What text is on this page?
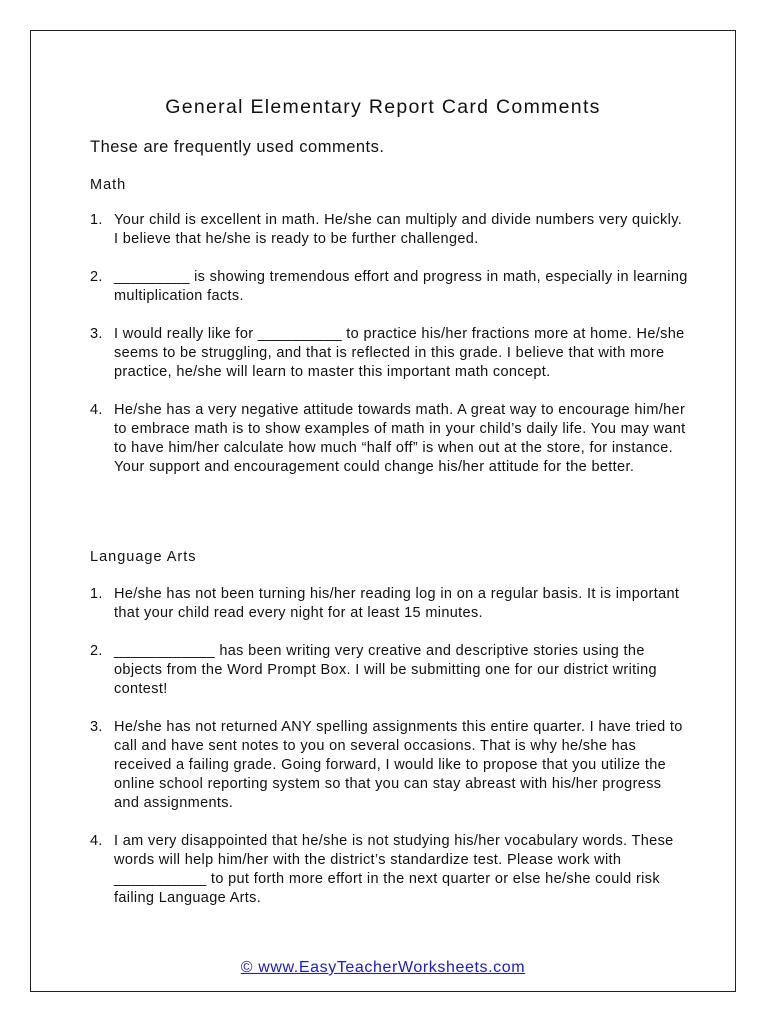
General Elementary Report Card Comments

These are frequently used comments.

Math
1. Your child is excellent in math. He/she can multiply and divide numbers very quickly. I believe that he/she is ready to be further challenged.
2. _________ is showing tremendous effort and progress in math, especially in learning multiplication facts.
3. I would really like for __________ to practice his/her fractions more at home. He/she seems to be struggling, and that is reflected in this grade. I believe that with more practice, he/she will learn to master this important math concept.
4. He/she has a very negative attitude towards math. A great way to encourage him/her to embrace math is to show examples of math in your child’s daily life. You may want to have him/her calculate how much “half off” is when out at the store, for instance. Your support and encouragement could change his/her attitude for the better.
Language Arts
1. He/she has not been turning his/her reading log in on a regular basis. It is important that your child read every night for at least 15 minutes.
2. ____________ has been writing very creative and descriptive stories using the objects from the Word Prompt Box. I will be submitting one for our district writing contest!
3. He/she has not returned ANY spelling assignments this entire quarter. I have tried to call and have sent notes to you on several occasions. That is why he/she has received a failing grade. Going forward, I would like to propose that you utilize the online school reporting system so that you can stay abreast with his/her progress and assignments.
4. I am very disappointed that he/she is not studying his/her vocabulary words. These words will help him/her with the district’s standardize test. Please work with ___________ to put forth more effort in the next quarter or else he/she could risk failing Language Arts.
© www.EasyTeacherWorksheets.com
